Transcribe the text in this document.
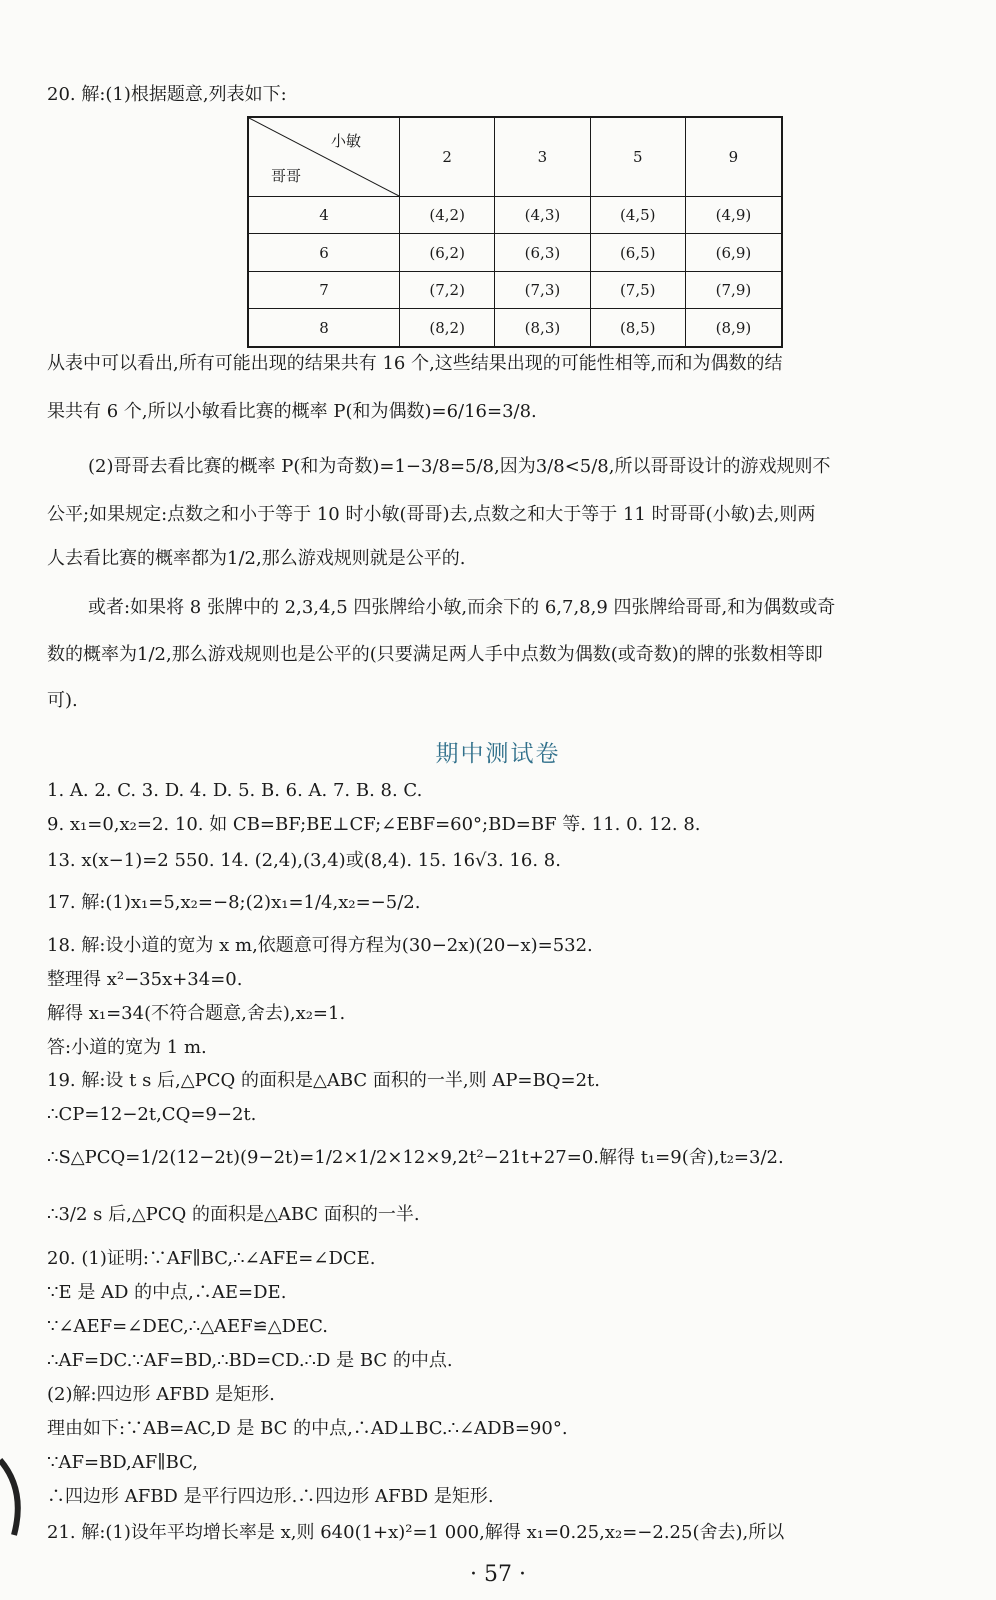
20. 解:(1)根据题意,列表如下:
小敏
哥哥	2	3	5	9
4	(4,2)	(4,3)	(4,5)	(4,9)
6	(6,2)	(6,3)	(6,5)	(6,9)
7	(7,2)	(7,3)	(7,5)	(7,9)
8	(8,2)	(8,3)	(8,5)	(8,9)
从表中可以看出,所有可能出现的结果共有 16 个,这些结果出现的可能性相等,而和为偶数的结
果共有 6 个,所以小敏看比赛的概率 P(和为偶数)=6/16=3/8.
(2)哥哥去看比赛的概率 P(和为奇数)=1−3/8=5/8,因为3/8<5/8,所以哥哥设计的游戏规则不
公平;如果规定:点数之和小于等于 10 时小敏(哥哥)去,点数之和大于等于 11 时哥哥(小敏)去,则两
人去看比赛的概率都为1/2,那么游戏规则就是公平的.
或者:如果将 8 张牌中的 2,3,4,5 四张牌给小敏,而余下的 6,7,8,9 四张牌给哥哥,和为偶数或奇
数的概率为1/2,那么游戏规则也是公平的(只要满足两人手中点数为偶数(或奇数)的牌的张数相等即
可).
期中测试卷
1. A. 2. C. 3. D. 4. D. 5. B. 6. A. 7. B. 8. C.
9. x₁=0,x₂=2. 10. 如 CB=BF;BE⊥CF;∠EBF=60°;BD=BF 等. 11. 0. 12. 8.
13. x(x−1)=2 550. 14. (2,4),(3,4)或(8,4). 15. 16√3. 16. 8.
17. 解:(1)x₁=5,x₂=−8;(2)x₁=1/4,x₂=−5/2.
18. 解:设小道的宽为 x m,依题意可得方程为(30−2x)(20−x)=532.
整理得 x²−35x+34=0.
解得 x₁=34(不符合题意,舍去),x₂=1.
答:小道的宽为 1 m.
19. 解:设 t s 后,△PCQ 的面积是△ABC 面积的一半,则 AP=BQ=2t.
∴CP=12−2t,CQ=9−2t.
∴S△PCQ=1/2(12−2t)(9−2t)=1/2×1/2×12×9,2t²−21t+27=0.解得 t₁=9(舍),t₂=3/2.
∴3/2 s 后,△PCQ 的面积是△ABC 面积的一半.
20. (1)证明:∵AF∥BC,∴∠AFE=∠DCE.
∵E 是 AD 的中点,∴AE=DE.
∵∠AEF=∠DEC,∴△AEF≌△DEC.
∴AF=DC.∵AF=BD,∴BD=CD.∴D 是 BC 的中点.
(2)解:四边形 AFBD 是矩形.
理由如下:∵AB=AC,D 是 BC 的中点,∴AD⊥BC.∴∠ADB=90°.
∵AF=BD,AF∥BC,
∴四边形 AFBD 是平行四边形.∴四边形 AFBD 是矩形.
21. 解:(1)设年平均增长率是 x,则 640(1+x)²=1 000,解得 x₁=0.25,x₂=−2.25(舍去),所以
· 57 ·
